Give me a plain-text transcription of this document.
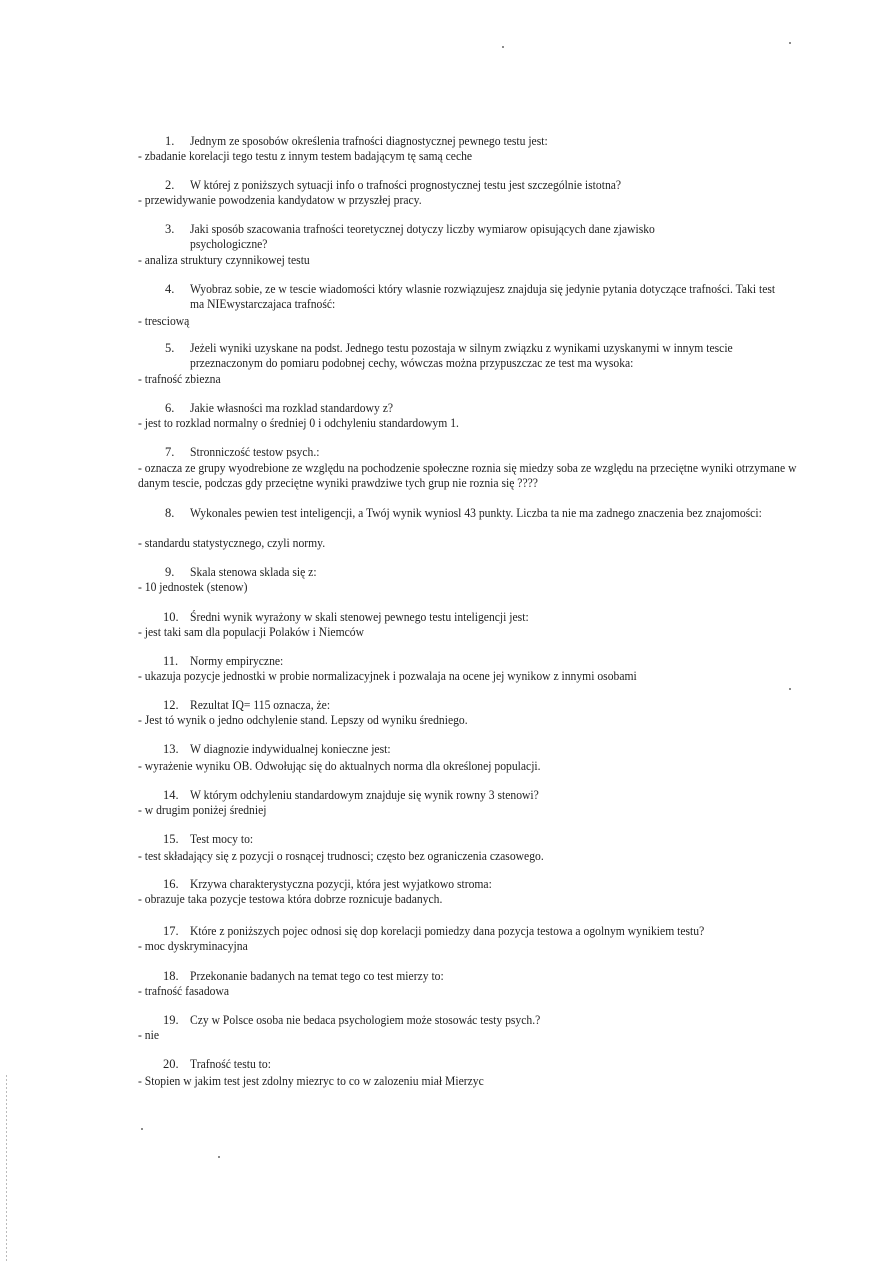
1.	Jednym ze sposobów określenia trafności diagnostycznej pewnego testu jest:
- zbadanie korelacji tego testu z innym testem badającym tę samą ceche
2.	W której z poniższych sytuacji info o trafności prognostycznej testu jest szczególnie istotna?
- przewidywanie powodzenia kandydatow w przyszłej pracy.
3.	Jaki sposób szacowania trafności teoretycznej dotyczy liczby wymiarow opisujących dane zjawisko psychologiczne?
- analiza struktury czynnikowej testu
4.	Wyobraz sobie, ze w tescie wiadomości który wlasnie rozwiązujesz znajduja się jedynie pytania dotyczące trafności. Taki test ma NIEwystarczajaca trafność:
- tresciową
5.	Jeżeli wyniki uzyskane na podst. Jednego testu pozostaja w silnym związku z wynikami uzyskanymi w innym tescie przeznaczonym do pomiaru podobnej cechy, wówczas można przypuszczac ze test ma wysoka:
- trafność zbiezna
6.	Jakie własności ma rozklad standardowy z?
- jest to rozklad normalny o średniej 0 i odchyleniu standardowym 1.
7.	Stronniczość testow psych.:
- oznacza ze grupy wyodrebione ze względu na pochodzenie społeczne roznia się miedzy soba ze względu na przeciętne wyniki otrzymane w danym tescie, podczas gdy przeciętne wyniki prawdziwe tych grup nie roznia się ????
8.	Wykonales pewien test inteligencji, a Twój wynik wyniosl 43 punkty. Liczba ta nie ma zadnego znaczenia bez znajomości:
- standardu statystycznego, czyli normy.
9.	Skala stenowa sklada się z:
- 10 jednostek (stenow)
10. Średni wynik wyrażony w skali stenowej pewnego testu inteligencji jest:
- jest taki sam dla populacji Polaków i Niemców
11. Normy empiryczne:
- ukazuja pozycje jednostki w probie normalizacyjnek i pozwalaja na ocene jej wynikow z innymi osobami
12. Rezultat IQ= 115 oznacza, że:
- Jest tó wynik o jedno odchylenie stand. Lepszy od wyniku średniego.
13. W diagnozie indywidualnej konieczne jest:
- wyrażenie wyniku OB. Odwołując się do aktualnych norma dla określonej populacji.
14. W którym odchyleniu standardowym znajduje się wynik rowny 3 stenowi?
- w drugim poniżej średniej
15. Test mocy to:
- test składający się z pozycji o rosnącej trudnosci; często bez ograniczenia czasowego.
16. Krzywa charakterystyczna pozycji, która jest wyjatkowo stroma:
- obrazuje taka pozycje testowa która dobrze roznicuje badanych.
17. Które z poniższych pojec odnosi się dop korelacji pomiedzy dana pozycja testowa a ogolnym wynikiem testu?
- moc dyskryminacyjna
18. Przekonanie badanych na temat tego co test mierzy to:
- trafność fasadowa
19. Czy w Polsce osoba nie bedaca psychologiem może stosowác testy psych.?
- nie
20. Trafność testu to:
- Stopien w jakim test jest zdolny miezryc to co w zalozeniu miał Mierzyc
